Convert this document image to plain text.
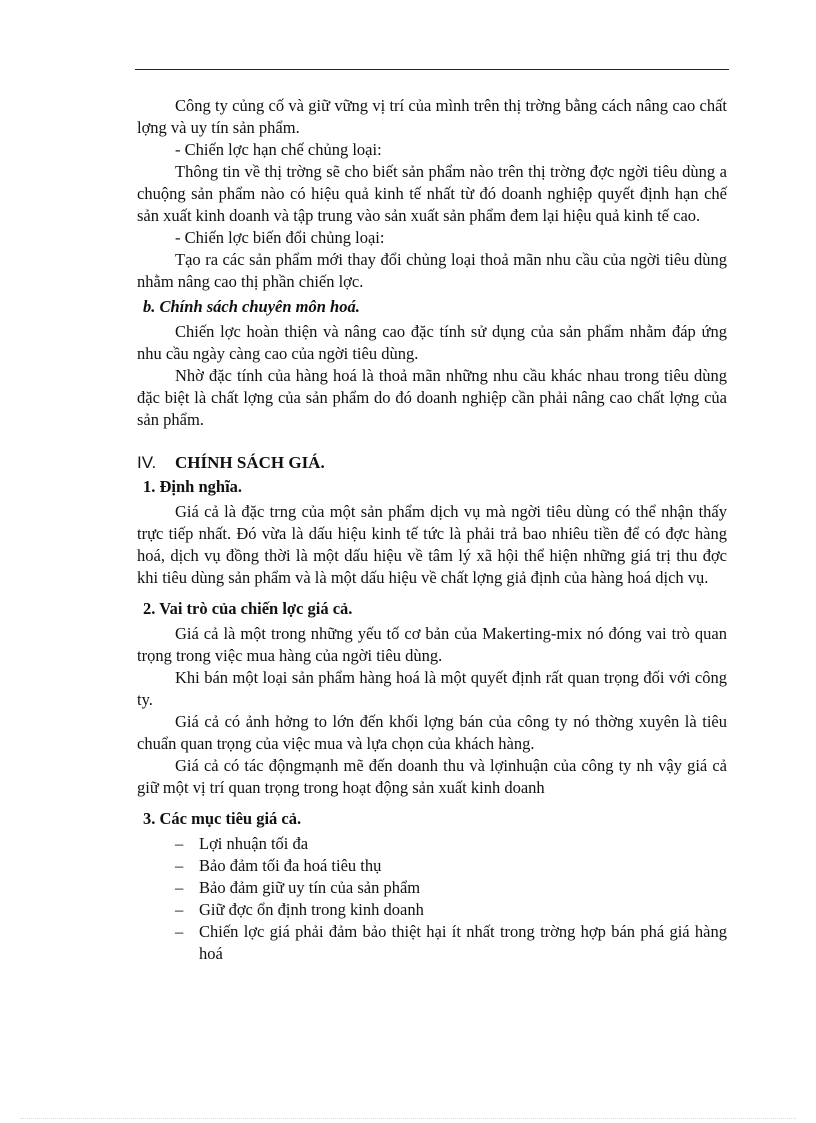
Công ty củng cố và giữ vững vị trí của mình trên thị trờng bằng cách nâng cao chất lợng và uy tín sản phẩm.

- Chiến lợc hạn chế chủng loại:

Thông tin về thị trờng sẽ cho biết sản phẩm nào trên thị trờng đợc ngời tiêu dùng a chuộng sản phẩm nào có hiệu quả kinh tế nhất từ đó doanh nghiệp quyết định hạn chế sản xuất kinh doanh và tập trung vào sản xuất sản phẩm đem lại hiệu quả kinh tế cao.

- Chiến lợc biến đổi chủng loại:

Tạo ra các sản phẩm mới thay đổi chủng loại thoả mãn nhu cầu của ngời tiêu dùng nhằm nâng cao thị phần chiến lợc.

b. Chính sách chuyên môn hoá.

Chiến lợc hoàn thiện và nâng cao đặc tính sử dụng của sản phẩm nhằm đáp ứng nhu cầu ngày càng cao của ngời tiêu dùng.

Nhờ đặc tính của hàng hoá là thoả mãn những nhu cầu khác nhau trong tiêu dùng đặc biệt là chất lợng của sản phẩm do đó doanh nghiệp cần phải nâng cao chất lợng của sản phẩm.

IV. CHÍNH SÁCH GIÁ.
1. Định nghĩa.

Giá cả là đặc trng của một sản phẩm dịch vụ mà ngời tiêu dùng có thể nhận thấy trực tiếp nhất. Đó vừa là dấu hiệu kinh tế tức là phải trả bao nhiêu tiền để có đợc hàng hoá, dịch vụ đồng thời là một dấu hiệu về tâm lý xã hội thể hiện những giá trị thu đợc khi tiêu dùng sản phẩm và là một dấu hiệu về chất lợng giả định của hàng hoá dịch vụ.

2. Vai trò của chiến lợc giá cả.

Giá cả là một trong những yếu tố cơ bản của Makerting-mix nó đóng vai trò quan trọng trong việc mua hàng của ngời tiêu dùng.

Khi bán một loại sản phẩm hàng hoá là một quyết định rất quan trọng đối với công ty.

Giá cả có ảnh hởng to lớn đến khối lợng bán của công ty nó thờng xuyên là tiêu chuẩn quan trọng của việc mua và lựa chọn của khách hàng.

Giá cả có tác độngmạnh mẽ đến doanh thu và lợinhuận của công ty nh vậy giá cả giữ một vị trí quan trọng trong hoạt động sản xuất kinh doanh

3. Các mục tiêu giá cả.
– Lợi nhuận tối đa
– Bảo đảm tối đa hoá tiêu thụ
– Bảo đảm giữ uy tín của sản phẩm
– Giữ đợc ổn định trong kinh doanh
– Chiến lợc giá phải đảm bảo thiệt hại ít nhất trong trờng hợp bán phá giá hàng hoá
